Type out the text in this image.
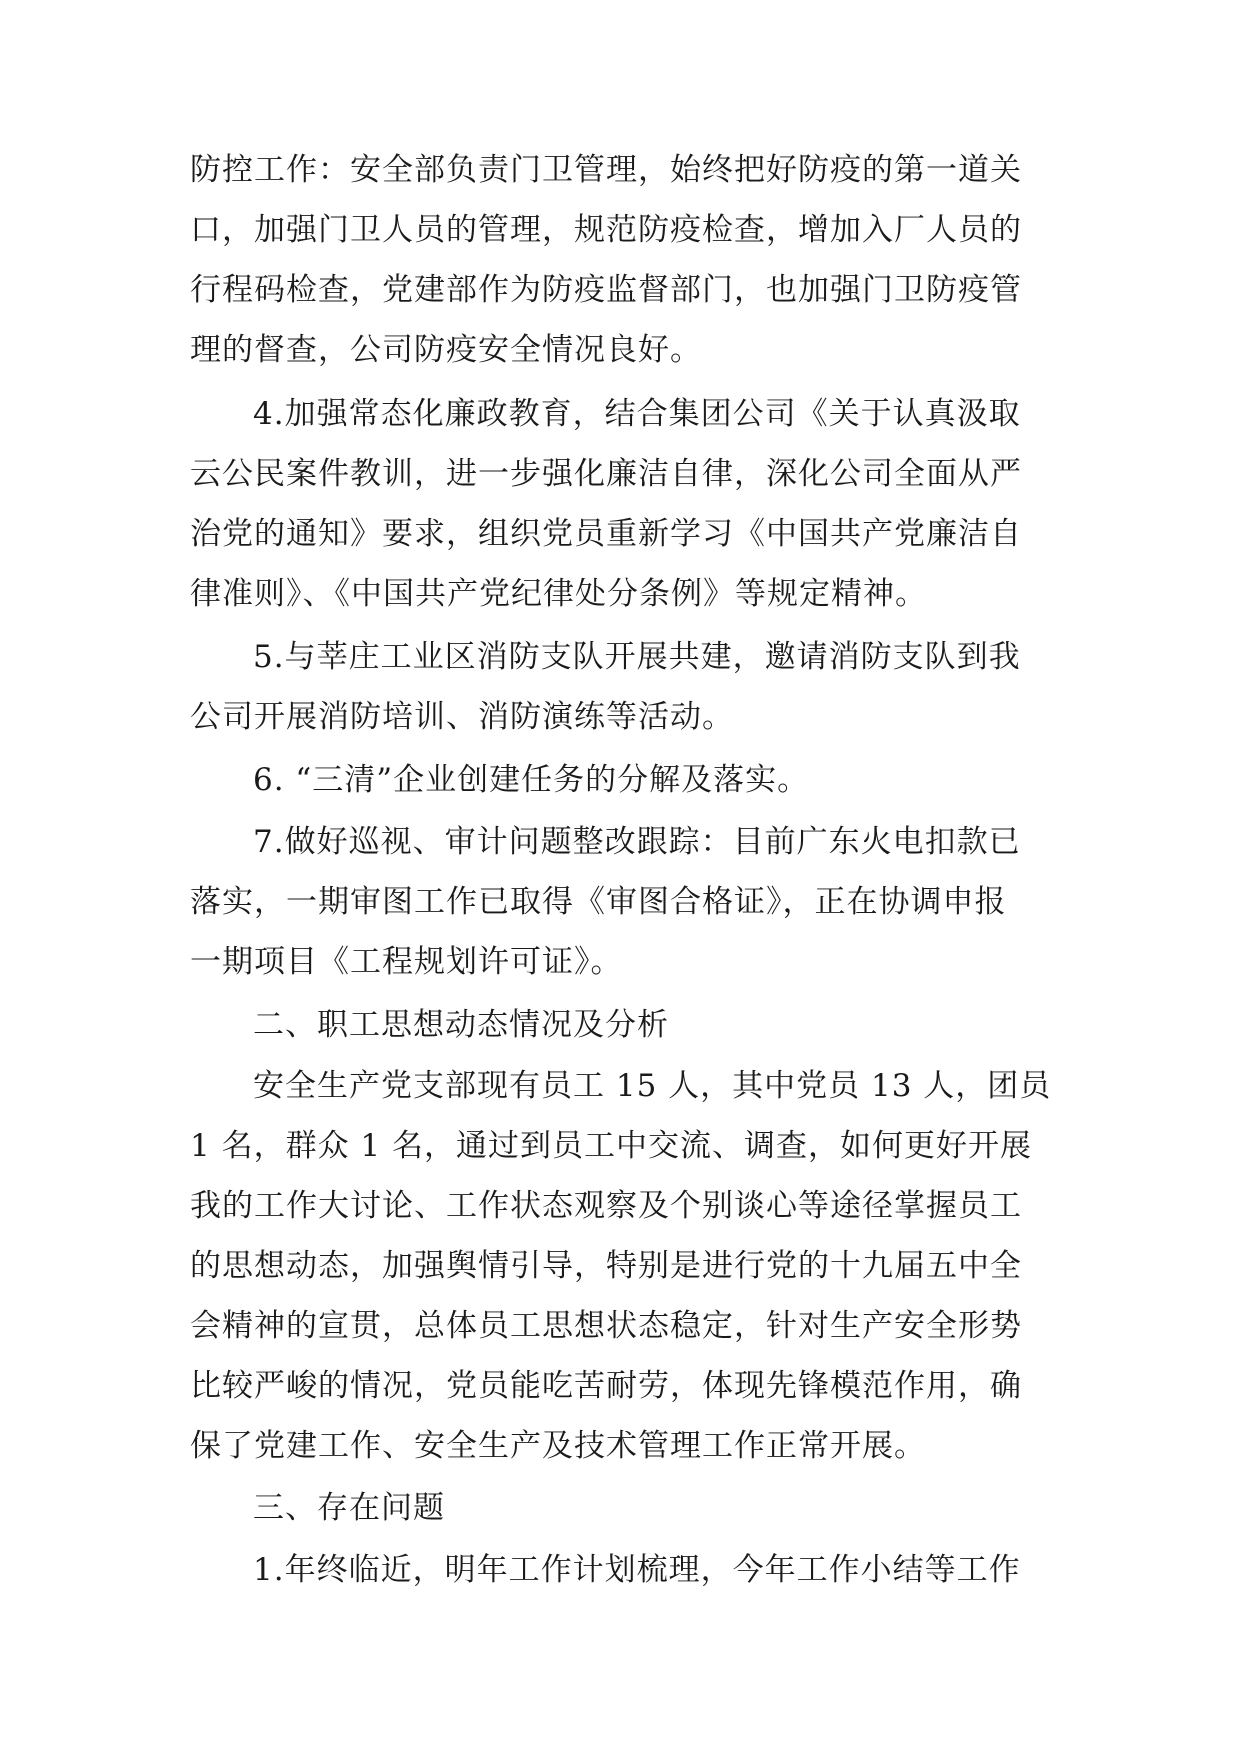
防控工作：安全部负责门卫管理，始终把好防疫的第一道关

口，加强门卫人员的管理，规范防疫检查，增加入厂人员的

行程码检查，党建部作为防疫监督部门，也加强门卫防疫管

理的督查，公司防疫安全情况良好。

4.加强常态化廉政教育，结合集团公司《关于认真汲取

云公民案件教训，进一步强化廉洁自律，深化公司全面从严

治党的通知》要求，组织党员重新学习《中国共产党廉洁自

律准则》、《中国共产党纪律处分条例》等规定精神。

5.与莘庄工业区消防支队开展共建，邀请消防支队到我

公司开展消防培训、消防演练等活动。

6. “三清”企业创建任务的分解及落实。

7.做好巡视、审计问题整改跟踪：目前广东火电扣款已

落实，一期审图工作已取得《审图合格证》，正在协调申报

一期项目《工程规划许可证》。

二、职工思想动态情况及分析

安全生产党支部现有员工 15 人，其中党员 13 人，团员

1 名，群众 1 名，通过到员工中交流、调查，如何更好开展

我的工作大讨论、工作状态观察及个别谈心等途径掌握员工

的思想动态，加强舆情引导，特别是进行党的十九届五中全

会精神的宣贯，总体员工思想状态稳定，针对生产安全形势

比较严峻的情况，党员能吃苦耐劳，体现先锋模范作用，确

保了党建工作、安全生产及技术管理工作正常开展。

三、存在问题

1.年终临近，明年工作计划梳理，今年工作小结等工作
